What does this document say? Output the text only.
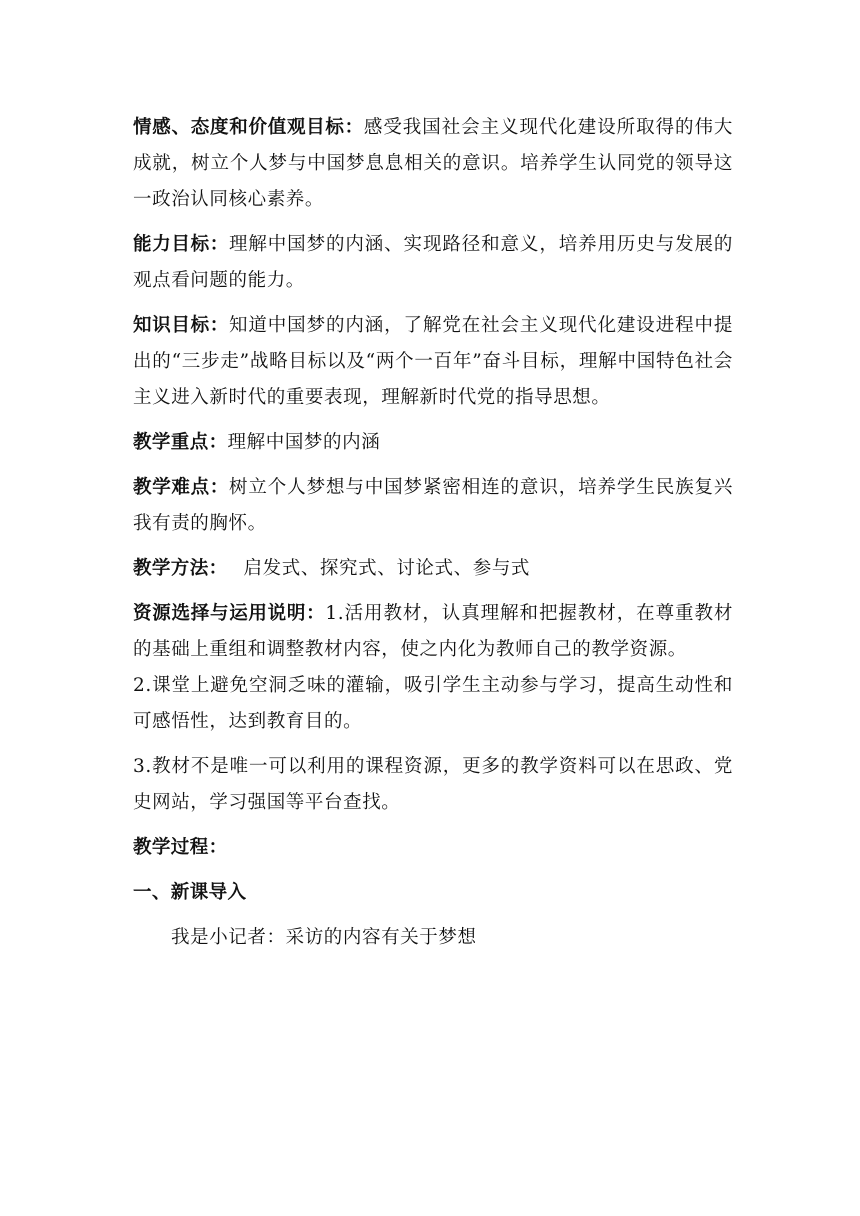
情感、态度和价值观目标：感受我国社会主义现代化建设所取得的伟大成就，树立个人梦与中国梦息息相关的意识。培养学生认同党的领导这一政治认同核心素养。

能力目标：理解中国梦的内涵、实现路径和意义，培养用历史与发展的观点看问题的能力。

知识目标：知道中国梦的内涵，了解党在社会主义现代化建设进程中提出的“三步走”战略目标以及“两个一百年”奋斗目标，理解中国特色社会主义进入新时代的重要表现，理解新时代党的指导思想。

教学重点：理解中国梦的内涵

教学难点：树立个人梦想与中国梦紧密相连的意识，培养学生民族复兴我有责的胸怀。

教学方法： 启发式、探究式、讨论式、参与式

资源选择与运用说明：1.活用教材，认真理解和把握教材，在尊重教材的基础上重组和调整教材内容，使之内化为教师自己的教学资源。

2.课堂上避免空洞乏味的灌输，吸引学生主动参与学习，提高生动性和可感悟性，达到教育目的。

3.教材不是唯一可以利用的课程资源，更多的教学资料可以在思政、党史网站，学习强国等平台查找。

教学过程：

一、新课导入

我是小记者：采访的内容有关于梦想
